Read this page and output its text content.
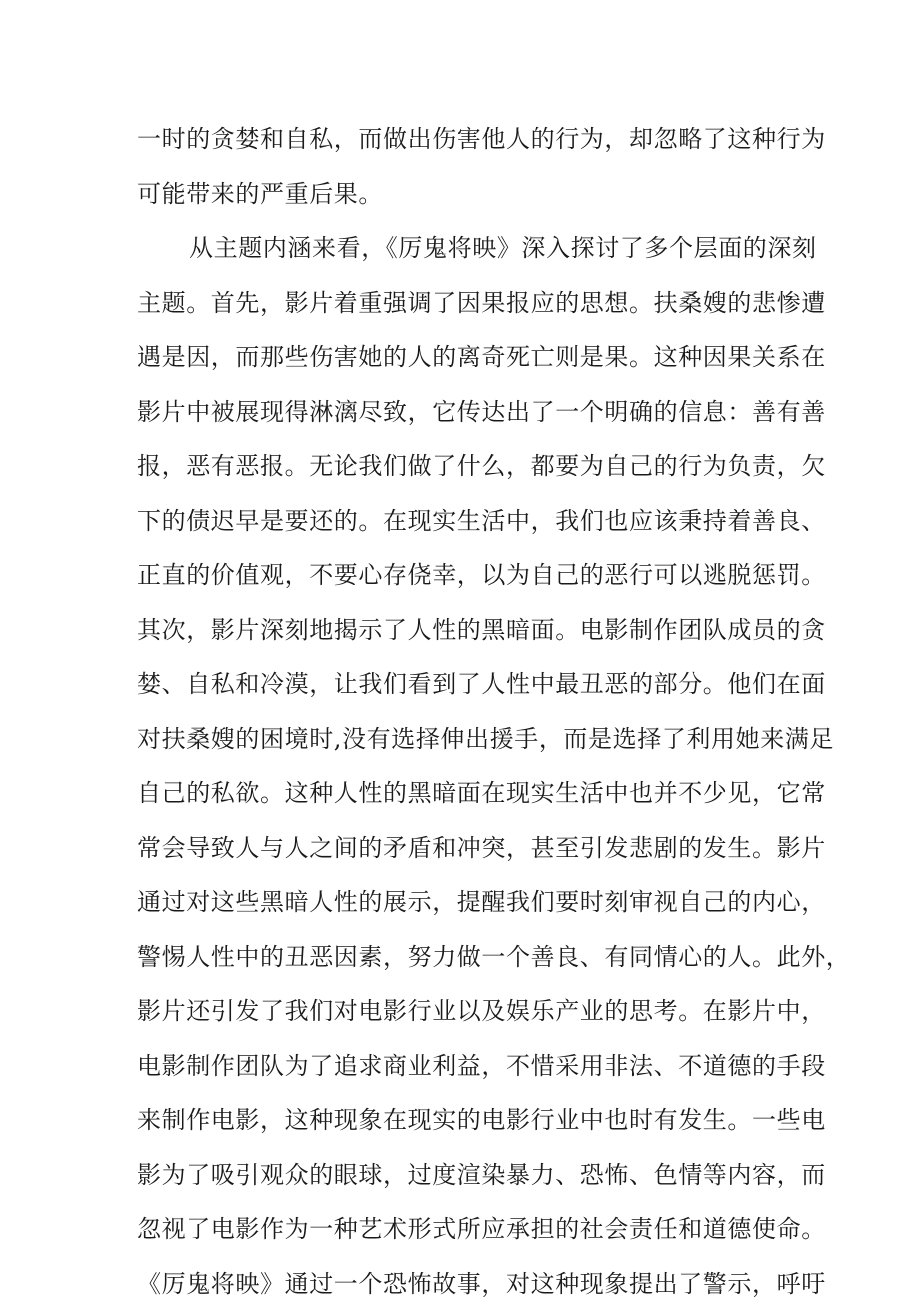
一时的贪婪和自私，而做出伤害他人的行为，却忽略了这种行为
可能带来的严重后果。
从主题内涵来看，《厉鬼将映》深入探讨了多个层面的深刻
主题。首先，影片着重强调了因果报应的思想。扶桑嫂的悲惨遭
遇是因，而那些伤害她的人的离奇死亡则是果。这种因果关系在
影片中被展现得淋漓尽致，它传达出了一个明确的信息：善有善
报，恶有恶报。无论我们做了什么，都要为自己的行为负责，欠
下的债迟早是要还的。在现实生活中，我们也应该秉持着善良、
正直的价值观，不要心存侥幸，以为自己的恶行可以逃脱惩罚。
其次，影片深刻地揭示了人性的黑暗面。电影制作团队成员的贪
婪、自私和冷漠，让我们看到了人性中最丑恶的部分。他们在面
对扶桑嫂的困境时,没有选择伸出援手，而是选择了利用她来满足
自己的私欲。这种人性的黑暗面在现实生活中也并不少见，它常
常会导致人与人之间的矛盾和冲突，甚至引发悲剧的发生。影片
通过对这些黑暗人性的展示，提醒我们要时刻审视自己的内心，
警惕人性中的丑恶因素，努力做一个善良、有同情心的人。此外，
影片还引发了我们对电影行业以及娱乐产业的思考。在影片中，
电影制作团队为了追求商业利益，不惜采用非法、不道德的手段
来制作电影，这种现象在现实的电影行业中也时有发生。一些电
影为了吸引观众的眼球，过度渲染暴力、恐怖、色情等内容，而
忽视了电影作为一种艺术形式所应承担的社会责任和道德使命。
《厉鬼将映》通过一个恐怖故事，对这种现象提出了警示，呼吁
